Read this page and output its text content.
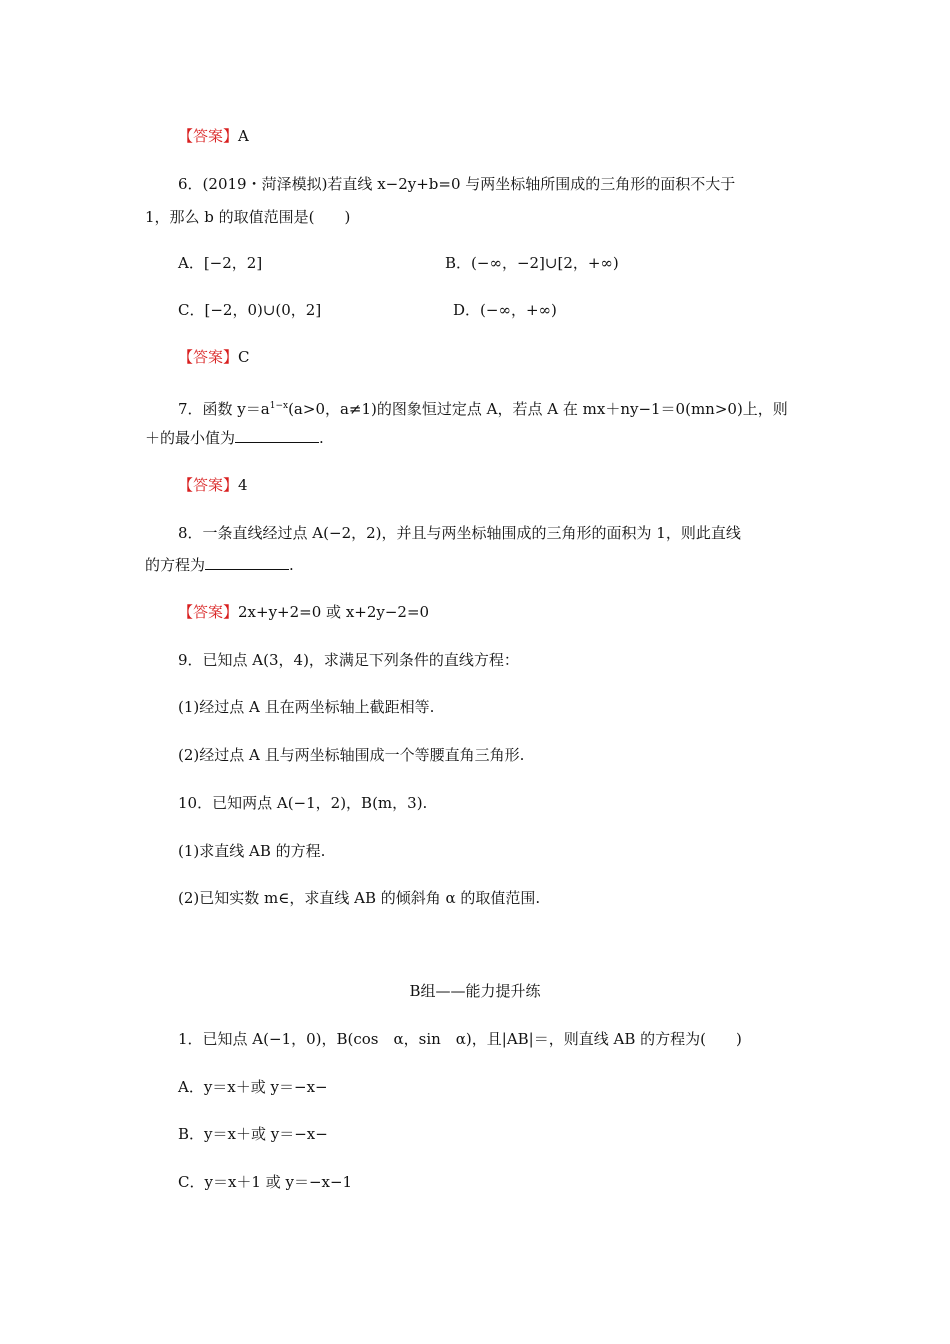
【答案】A
6．(2019・菏泽模拟)若直线 x−2y+b=0 与两坐标轴所围成的三角形的面积不大于
1，那么 b 的取值范围是(　　)
A．[−2，2]	B．(−∞，−2]∪[2，+∞)
C．[−2，0)∪(0，2]	D．(−∞，+∞)
【答案】C
7．函数 $y=a^{1-x}(a>0$，a≠1)的图象恒过定点 A，若点 A 在 mx＋ny−1＝0(mn>0)上，则
＋的最小值为	.
【答案】4
8．一条直线经过点 A(−2，2)，并且与两坐标轴围成的三角形的面积为 1，则此直线
的方程为	.
【答案】2x+y+2=0 或 x+2y−2=0
9．已知点 A(3，4)，求满足下列条件的直线方程：
(1)经过点 A 且在两坐标轴上截距相等.
(2)经过点 A 且与两坐标轴围成一个等腰直角三角形.
10．已知两点 A(−1，2)，B(m，3).
(1)求直线 AB 的方程.
(2)已知实数 m∈，求直线 AB 的倾斜角 α 的取值范围.
B组——能力提升练
1．已知点 A(−1，0)，B(cos　α，sin　α)，且|AB|＝，则直线 AB 的方程为(　　)
A．y＝x＋或 y＝−x−
B．y＝x＋或 y＝−x−
C．y＝x＋1 或 y＝−x−1
